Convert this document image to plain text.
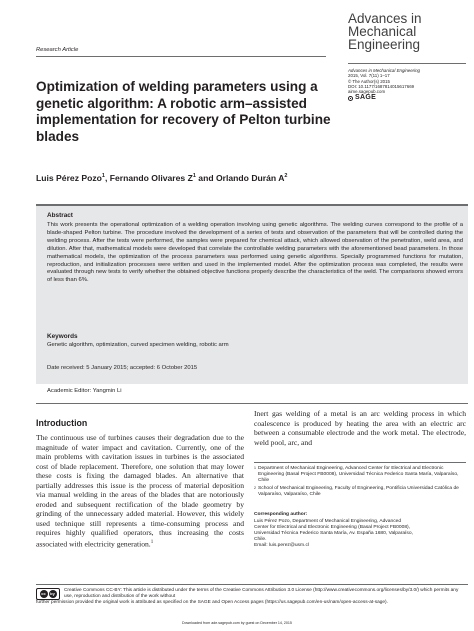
Advances in
Mechanical
Engineering
Advances in Mechanical Engineering
2015, Vol. 7(11) 1–17
© The Author(s) 2015
DOI: 10.1177/1687814015617669
aime.sagepub.com
SAGE
Research Article
Optimization of welding parameters using a genetic algorithm: A robotic arm–assisted implementation for recovery of Pelton turbine blades
Luis Pérez Pozo$^1$, Fernando Olivares $Z^1$ and Orlando Durán $A^2$
Abstract
This work presents the operational optimization of a welding operation involving using genetic algorithms. The welding curves correspond to the profile of a blade-shaped Pelton turbine. The procedure involved the development of a series of tests and observation of the parameters that will be controlled during the welding process. After the tests were performed, the samples were prepared for chemical attack, which allowed observation of the penetration, weld area, and dilution. After that, mathematical models were developed that correlate the controllable welding parameters with the aforementioned bead parameters. In those mathematical models, the optimization of the process parameters was performed using genetic algorithms. Specially programmed functions for mutation, reproduction, and initialization processes were written and used in the implemented model. After the optimization process was completed, the results were evaluated through new tests to verify whether the obtained objective functions properly describe the characteristics of the weld. The comparisons showed errors of less than 6%.
Keywords
Genetic algorithm, optimization, curved specimen welding, robotic arm
Date received: 5 January 2015; accepted: 6 October 2015
Academic Editor: Yangmin Li
Introduction
The continuous use of turbines causes their degradation due to the magnitude of water impact and cavitation. Currently, one of the main problems with cavitation issues in turbines is the associated cost of blade replacement. Therefore, one solution that may lower these costs is fixing the damaged blades. An alternative that partially addresses this issue is the process of material deposition via manual welding in the areas of the blades that are notoriously eroded and subsequent rectification of the blade geometry by grinding of the unnecessary added material. However, this widely used technique still represents a time-consuming process and requires highly qualified operators, thus increasing the costs associated with electricity generation.$^1$
Inert gas welding of a metal is an arc welding process in which coalescence is produced by heating the area with an electric arc between a consumable electrode and the work metal. The electrode, weld pool, arc, and
1 Department of Mechanical Engineering, Advanced Center for Electrical and Electronic Engineering (Basal Project FB0008), Universidad Técnica Federico Santa María, Valparaíso, Chile
2 School of Mechanical Engineering, Faculty of Engineering, Pontificia Universidad Católica de Valparaíso, Valparaíso, Chile
Corresponding author:
Luis Pérez Pozo, Department of Mechanical Engineering, Advanced
Center for Electrical and Electronic Engineering (Basal Project FB0008),
Universidad Técnica Federico Santa María, Av. España 1680, Valparaíso,
Chile.
Email: luis.perez@usm.cl
cc	by
Creative Commons CC-BY: This article is distributed under the terms of the Creative Commons Attribution 3.0 License (http://www.creativecommons.org/licenses/by/3.0/) which permits any use, reproduction and distribution of the work without
further permission provided the original work is attributed as specified on the SAGE and Open Access pages (https://us.sagepub.com/en-us/nam/open-access-at-sage).
Downloaded from ade.sagepub.com by guest on December 14, 2015
